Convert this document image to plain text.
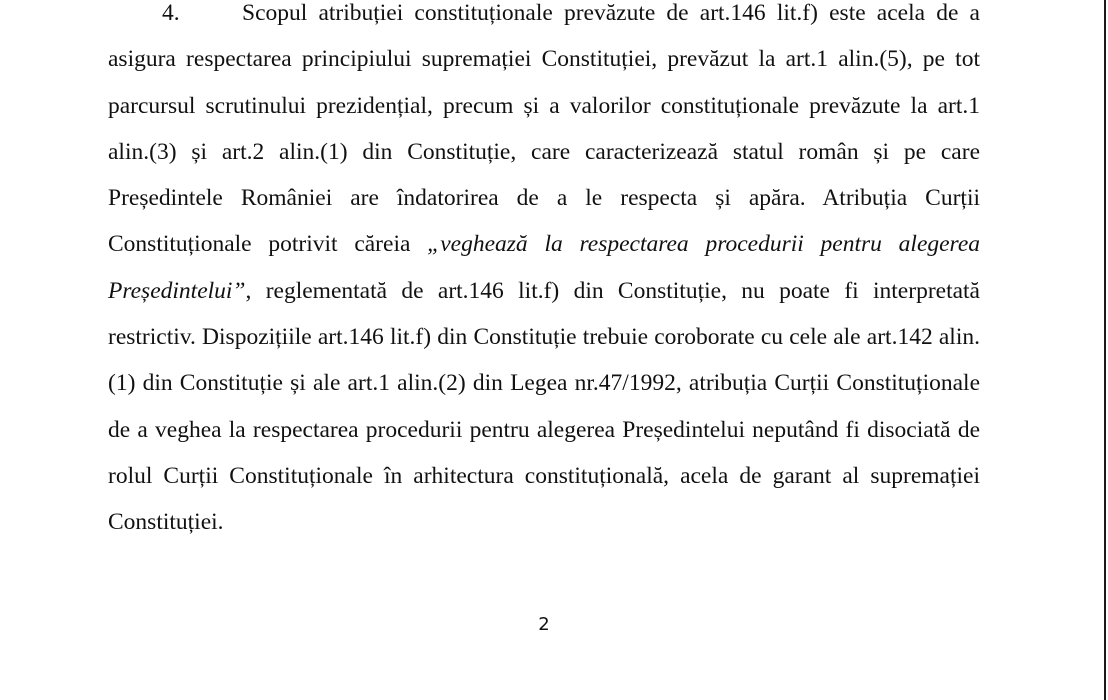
4.	Scopul atribuției constituționale prevăzute de art.146 lit.f) este acela de a asigura respectarea principiului supremației Constituției, prevăzut la art.1 alin.(5), pe tot parcursul scrutinului prezidențial, precum și a valorilor constituționale prevăzute la art.1 alin.(3) și art.2 alin.(1) din Constituție, care caracterizează statul român și pe care Președintele României are îndatorirea de a le respecta și apăra. Atribuția Curții Constituționale potrivit căreia „veghează la respectarea procedurii pentru alegerea Președintelui”, reglementată de art.146 lit.f) din Constituție, nu poate fi interpretată restrictiv. Dispozițiile art.146 lit.f) din Constituție trebuie coroborate cu cele ale art.142 alin.(1) din Constituție și ale art.1 alin.(2) din Legea nr.47/1992, atribuția Curții Constituționale de a veghea la respectarea procedurii pentru alegerea Președintelui neputând fi disociată de rolul Curții Constituționale în arhitectura constituțională, acela de garant al supremației Constituției.

2
